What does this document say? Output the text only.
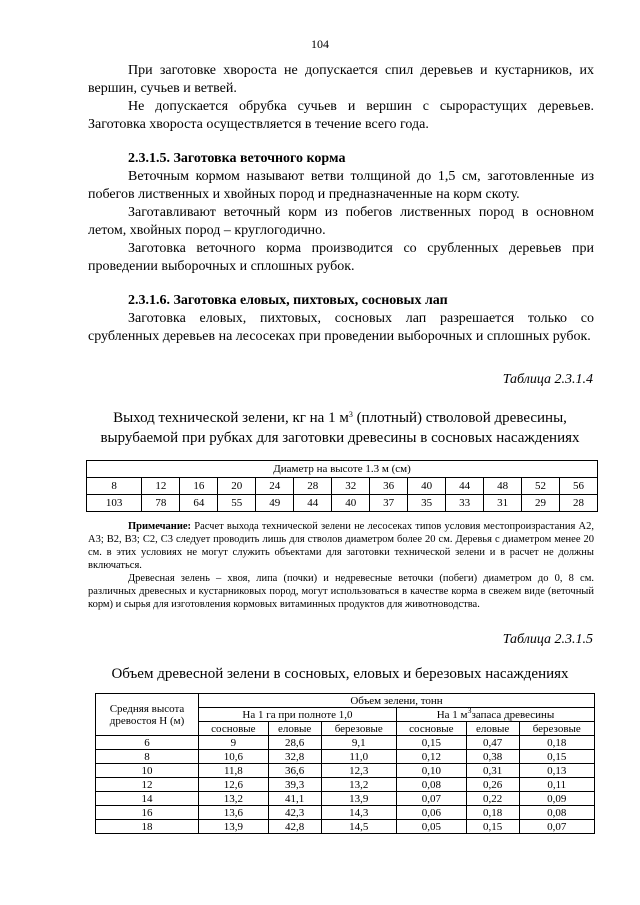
104

При заготовке хвороста не допускается спил деревьев и кустарников, их вершин, сучьев и ветвей.

Не допускается обрубка сучьев и вершин с сырорастущих деревьев. Заготовка хвороста осуществляется в течение всего года.

2.3.1.5. Заготовка веточного корма

Веточным кормом называют ветви толщиной до 1,5 см, заготовленные из побегов лиственных и хвойных пород и предназначенные на корм скоту.

Заготавливают веточный корм из побегов лиственных пород в основном летом, хвойных пород – круглогодично.

Заготовка веточного корма производится со срубленных деревьев при проведении выборочных и сплошных рубок.

2.3.1.6. Заготовка еловых, пихтовых, сосновых лап

Заготовка еловых, пихтовых, сосновых лап разрешается только со срубленных деревьев на лесосеках при проведении выборочных и сплошных рубок.

Таблица 2.3.1.4
Выход технической зелени, кг на 1 $м^3$ (плотный) стволовой древесины,
вырубаемой при рубках для заготовки древесины в сосновых насаждениях
Диаметр на высоте 1.3 м (см)												
8	12	16	20	24	28	32	36	40	44	48	52	56
103	78	64	55	49	44	40	37	35	33	31	29	28
Примечание: Расчет выхода технической зелени не лесосеках типов условия местопроизрастания А2, А3; В2, В3; С2, С3 следует проводить лишь для стволов диаметром более 20 см. Деревья с диаметром менее 20 см. в этих условиях не могут служить объектами для заготовки технической зелени и в расчет не должны включаться.
Древесная зелень – хвоя, липа (почки) и недревесные веточки (побеги) диаметром до 0, 8 см. различных древесных и кустарниковых пород, могут использоваться в качестве корма в свежем виде (веточный корм) и сырья для изготовления кормовых витаминных продуктов для животноводства.
Таблица 2.3.1.5
Объем древесной зелени в сосновых, еловых и березовых насаждениях
Средняя высота древостоя Н (м)	Объем зелени, тонн					
	На 1 га при полноте 1,0			На 1 $м^3запаса$ древесины		
	сосновые	еловые	березовые	сосновые	еловые	березовые
6	9	28,6	9,1	0,15	0,47	0,18
8	10,6	32,8	11,0	0,12	0,38	0,15
10	11,8	36,6	12,3	0,10	0,31	0,13
12	12,6	39,3	13,2	0,08	0,26	0,11
14	13,2	41,1	13,9	0,07	0,22	0,09
16	13,6	42,3	14,3	0,06	0,18	0,08
18	13,9	42,8	14,5	0,05	0,15	0,07
